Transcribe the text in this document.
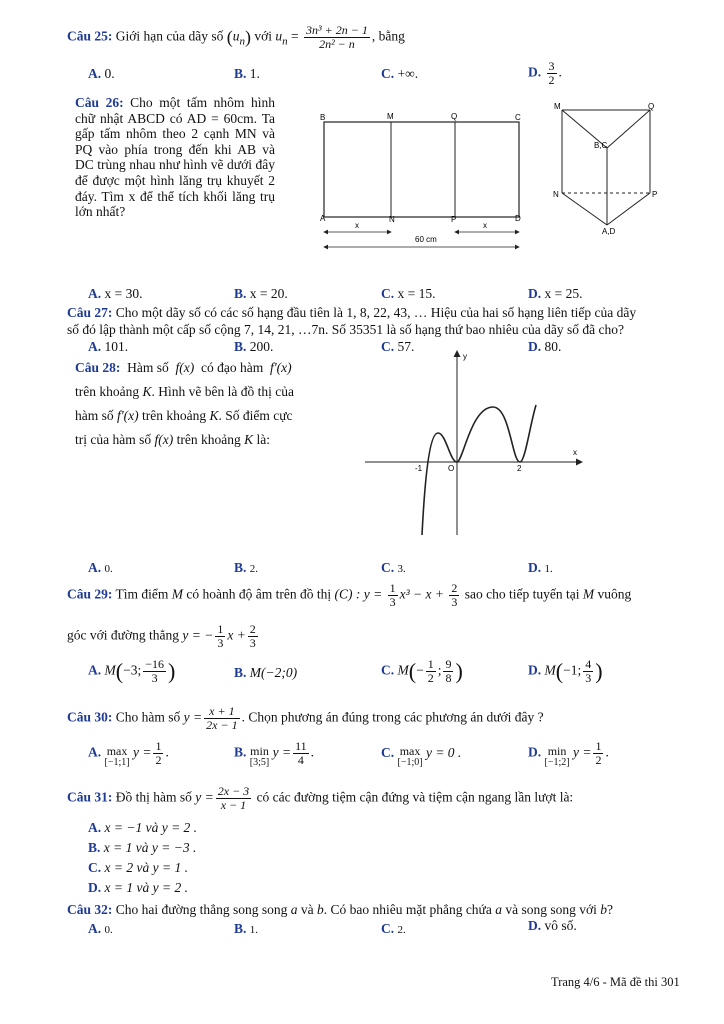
Câu 25: Giới hạn của dãy số $(u_n)$ với $u_n = \frac{\text{3n³ + 2n − 1}}{\text{2n² − n}}$ , bằng
A. 0.	B. 1.	C. +∞.	D. $\frac{3}{2}$ .
Câu 26: Cho một tấm nhôm hình chữ nhật ABCD có AD = 60cm. Ta gấp tấm nhôm theo 2 cạnh MN và PQ vào phía trong đến khi AB và DC trùng nhau như hình vẽ dưới đây để được một hình lăng trụ khuyết 2 đáy. Tìm x để thể tích khối lăng trụ lớn nhất?
B	M	Q	C
A	N	P	D
x	x
60 cm
M	Q
B,C
N	P
A,D
A. x = 30.	B. x = 20.	C. x = 15.	D. x = 25.
Câu 27: Cho một dãy số có các số hạng đầu tiên là 1, 8, 22, 43, … Hiệu của hai số hạng liên tiếp của dãy
số đó lập thành một cấp số cộng 7, 14, 21, …7n. Số 35351 là số hạng thứ bao nhiêu của dãy số đã cho?
A. 101.	B. 200.	C. 57.	D. 80.
Câu 28: Hàm số f(x) có đạo hàm f'(x)
trên khoảng K. Hình vẽ bên là đồ thị của
hàm số f'(x) trên khoảng K. Số điểm cực
trị của hàm số f(x) trên khoảng K là:
y
x
-1	O	2
A. 0.	B. 2.	C. 3.	D. 1.
Câu 29: Tìm điểm M có hoành độ âm trên đồ thị (C) : $y = \frac{1}{3} x^3 - x + \frac{2}{3}$ sao cho tiếp tuyến tại M vuông
góc với đường thẳng y = − $\frac{1}{3}$ $x + \frac{2}{3}$
A. M(−3; $\frac{-16}{3}$ )	B. M(−2;0)	C. $M(- \frac{1}{2}$ ; $\frac{9}{8}$ )	D. M(−1; $\frac{4}{3}$ )
Câu 30: Cho hàm số $y = \frac{x + 1}{2x - 1}$ . Chọn phương án đúng trong các phương án dưới đây ?
A. max
[−1;1] $y = \frac{1}{2}$ .	B. min
[3;5] $y = \frac{11}{4}$ .	C. max
[−1;0] y = 0 .	D. min
[−1;2] $y = \frac{1}{2}$ .
Câu 31: Đồ thị hàm số $y = \frac{2x - 3}{x - 1}$ có các đường tiệm cận đứng và tiệm cận ngang lần lượt là:
A. x = −1 và y = 2 .
B. x = 1 và y = −3 .
C. x = 2 và y = 1 .
D. x = 1 và y = 2 .
Câu 32: Cho hai đường thẳng song song a và b. Có bao nhiêu mặt phẳng chứa a và song song với b?
A. 0.	B. 1.	C. 2.	D. vô số.
Trang 4/6 - Mã đề thi 301
